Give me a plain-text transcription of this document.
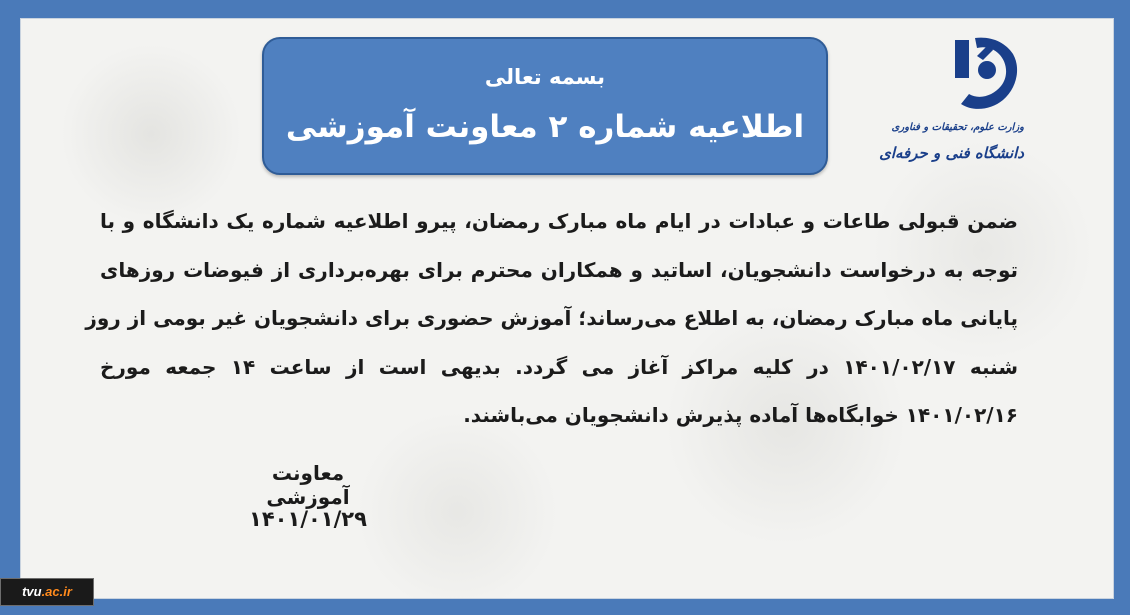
بسمه تعالی
اطلاعیه شماره ۲ معاونت آموزشی	وزارت علوم، تحقیقات و فناوری
دانشگاه فنی و حرفه‌ای
ضمن قبولی طاعات و عبادات در ایام ماه مبارک رمضان، پیرو اطلاعیه شماره یک دانشگاه و با
توجه به درخواست دانشجویان، اساتید و همکاران محترم برای بهره‌برداری از فیوضات روزهای
پایانی ماه مبارک رمضان، به اطلاع می‌رساند؛ آموزش حضوری برای دانشجویان غیر بومی از روز
شنبه ۱۴۰۱/۰۲/۱۷ در کلیه مراکز آغاز می گردد. بدیهی است از ساعت ۱۴ جمعه مورخ
۱۴۰۱/۰۲/۱۶ خوابگاه‌ها آماده پذیرش دانشجویان می‌باشند.
معاونت آموزشی
۱۴۰۱/۰۱/۲۹
tvu.ac.ir
